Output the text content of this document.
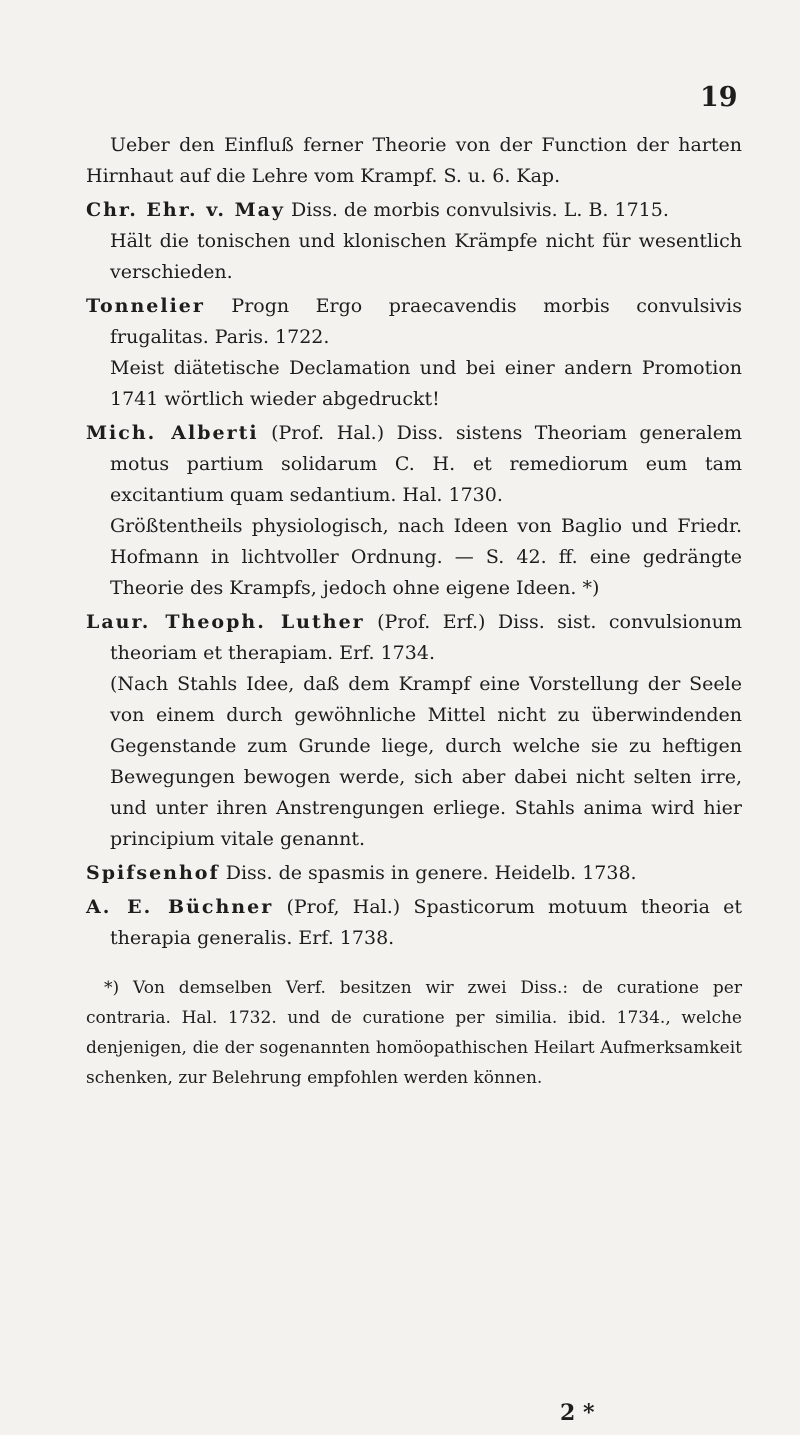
19

Ueber den Einfluß ferner Theorie von der Function der harten Hirnhaut auf die Lehre vom Krampf. S. u. 6. Kap.

Chr. Ehr. v. May Diss. de morbis convulsivis. L. B. 1715.

Hält die tonischen und klonischen Krämpfe nicht für wesentlich verschieden.

Tonnelier Progn Ergo praecavendis morbis convulsivis frugalitas. Paris. 1722.

Meist diätetische Declamation und bei einer andern Promotion 1741 wörtlich wieder abgedruckt!

Mich. Alberti (Prof. Hal.) Diss. sistens Theoriam generalem motus partium solidarum C. H. et remediorum eum tam excitantium quam sedantium. Hal. 1730.

Größtentheils physiologisch, nach Ideen von Baglio und Friedr. Hofmann in lichtvoller Ordnung. — S. 42. ff. eine gedrängte Theorie des Krampfs, jedoch ohne eigene Ideen. *)

Laur. Theoph. Luther (Prof. Erf.) Diss. sist. convulsionum theoriam et therapiam. Erf. 1734.

(Nach Stahls Idee, daß dem Krampf eine Vorstellung der Seele von einem durch gewöhnliche Mittel nicht zu überwindenden Gegenstande zum Grunde liege, durch welche sie zu heftigen Bewegungen bewogen werde, sich aber dabei nicht selten irre, und unter ihren Anstrengungen erliege. Stahls anima wird hier principium vitale genannt.

Spifsenhof Diss. de spasmis in genere. Heidelb. 1738.

A. E. Büchner (Prof, Hal.) Spasticorum motuum theoria et therapia generalis. Erf. 1738.

*) Von demselben Verf. besitzen wir zwei Diss.: de curatione per contraria. Hal. 1732. und de curatione per similia. ibid. 1734., welche denjenigen, die der sogenannten homöopathischen Heilart Aufmerksamkeit schenken, zur Belehrung empfohlen werden können.

2 *
